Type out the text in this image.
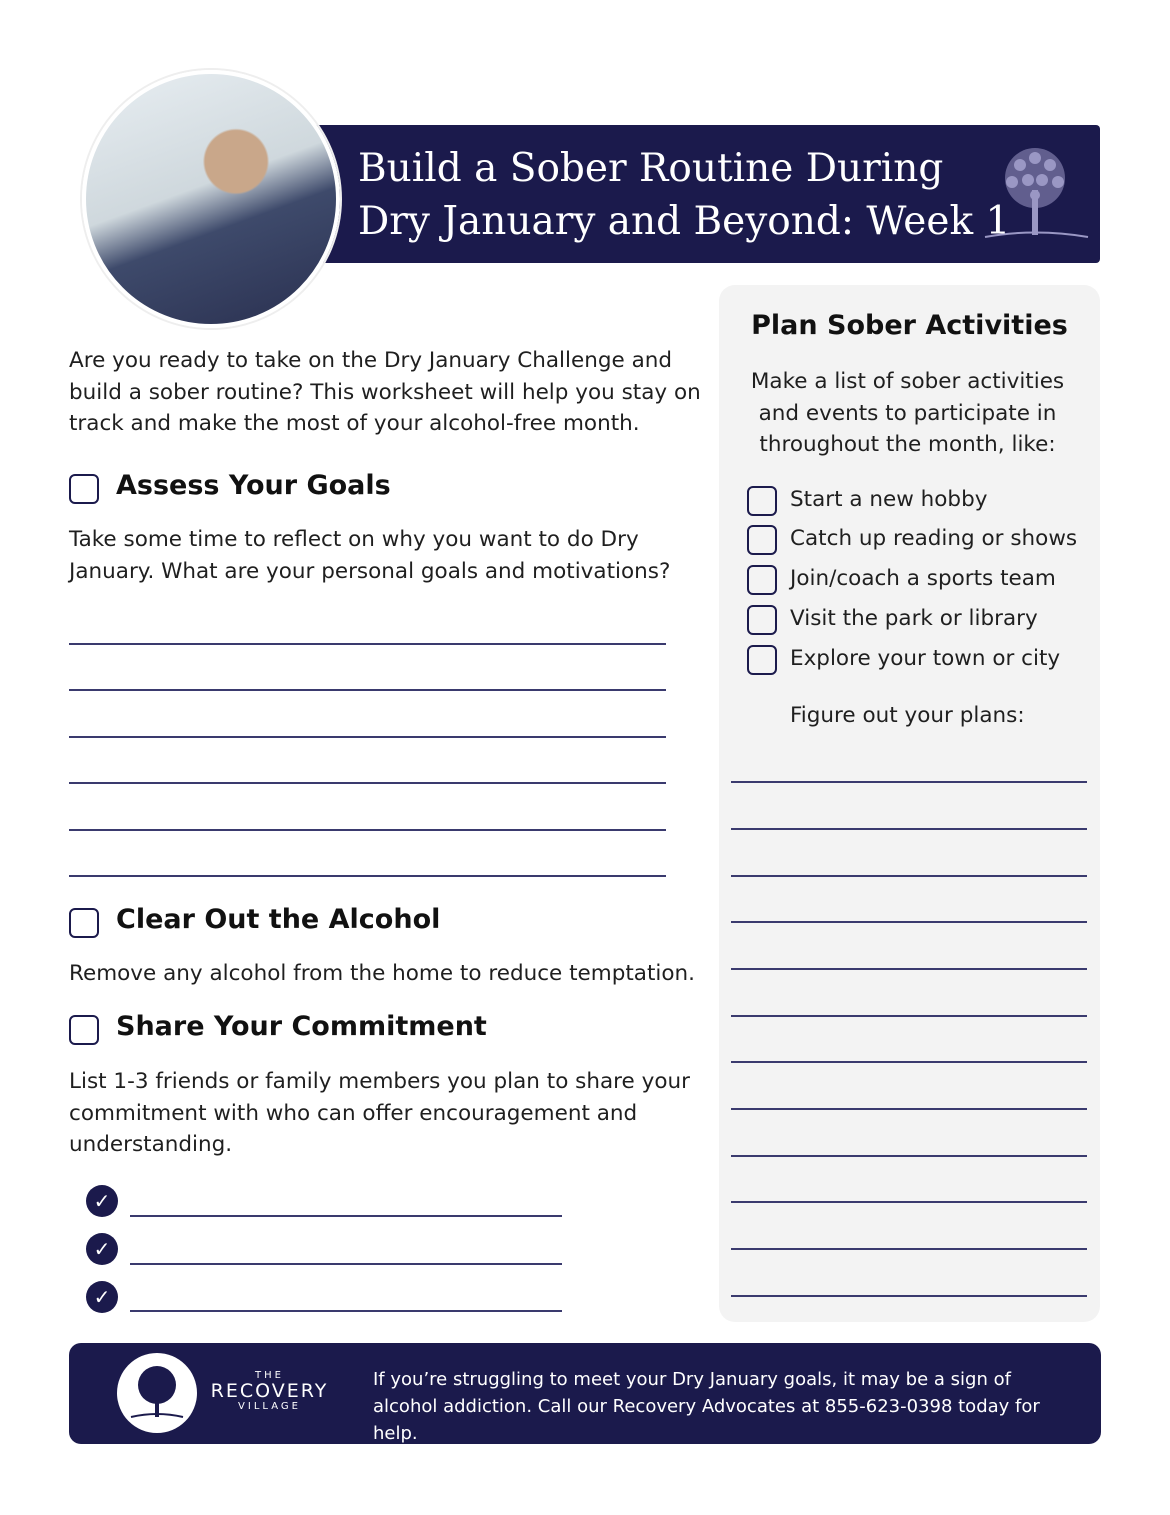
Build a Sober Routine During
Dry January and Beyond: Week 1
Are you ready to take on the Dry January Challenge and build a sober routine? This worksheet will help you stay on track and make the most of your alcohol-free month.
Assess Your Goals
Take some time to reflect on why you want to do Dry January. What are your personal goals and motivations?
Clear Out the Alcohol
Remove any alcohol from the home to reduce temptation.
Share Your Commitment
List 1-3 friends or family members you plan to share your commitment with who can offer encouragement and understanding.
✓
✓
✓
Plan Sober Activities
Make a list of sober activities and events to participate in throughout the month, like:
Start a new hobby
Catch up reading or shows
Join/coach a sports team
Visit the park or library
Explore your town or city
Figure out your plans:
THE
RECOVERY
VILLAGE
If you’re struggling to meet your Dry January goals, it may be a sign of alcohol addiction. Call our Recovery Advocates at 855-623-0398 today for help.
